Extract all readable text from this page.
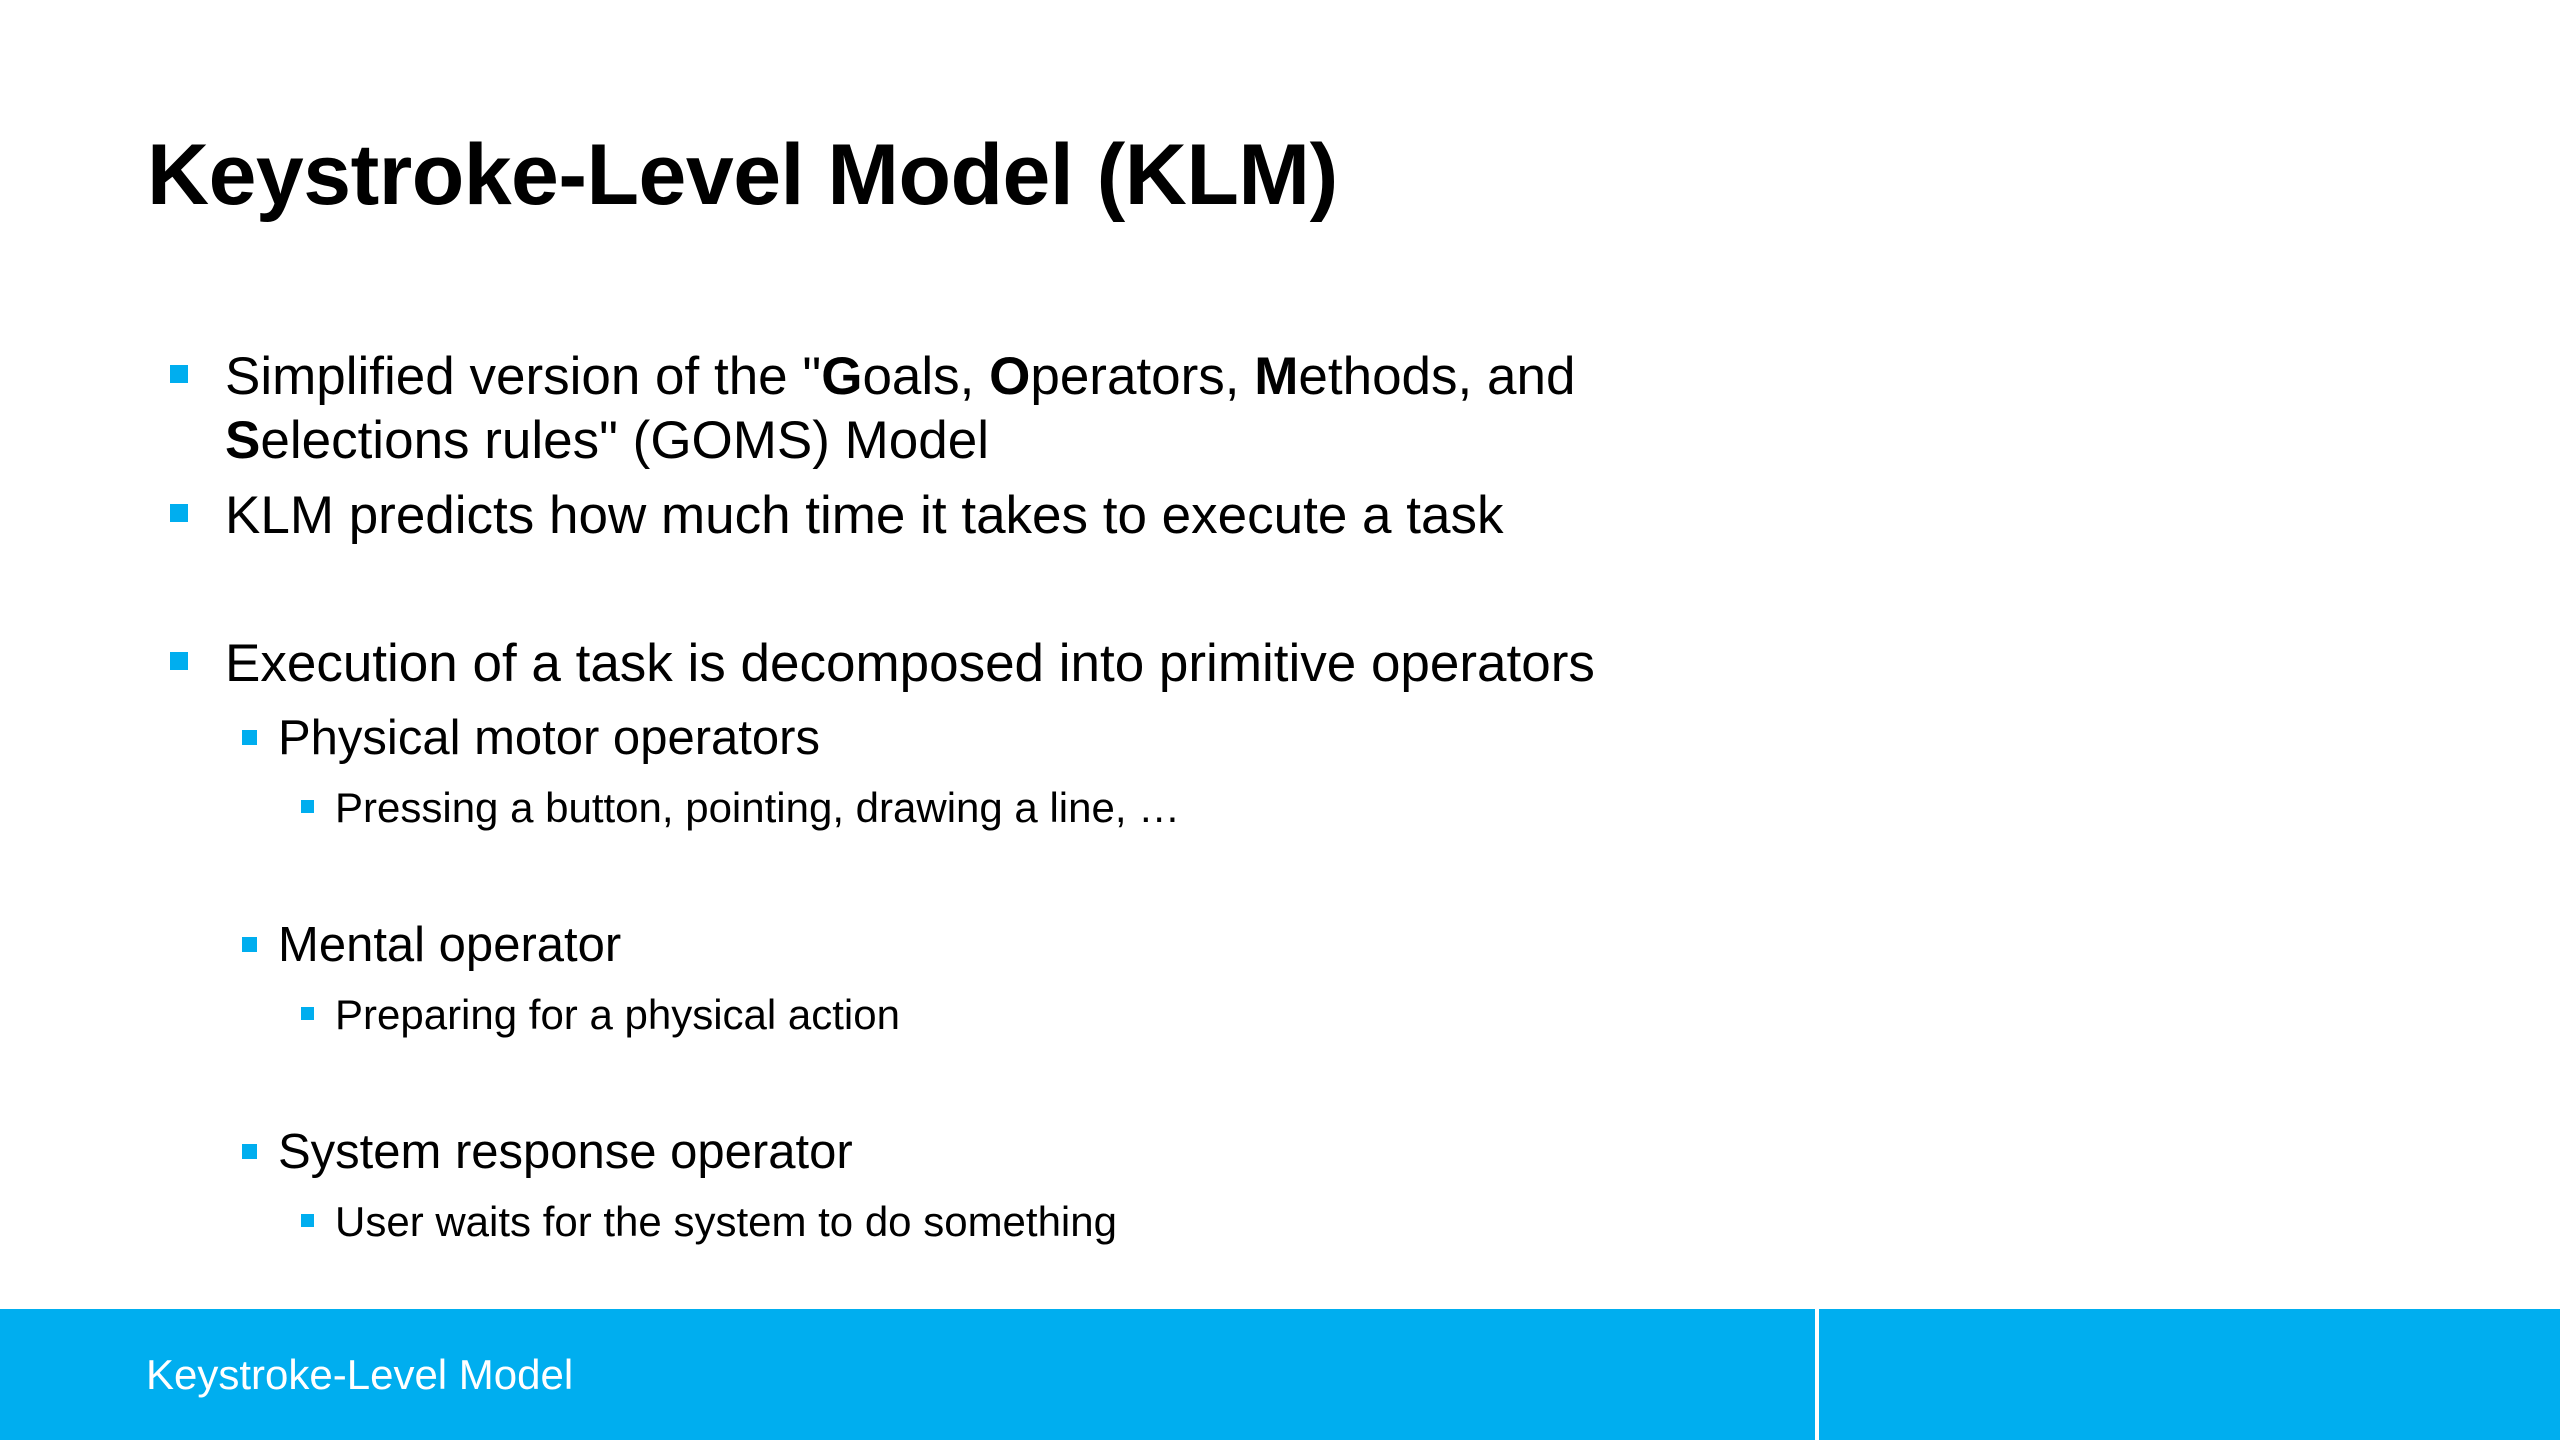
Keystroke-Level Model (KLM)
Simplified version of the "Goals, Operators, Methods, and
Selections rules" (GOMS) Model
KLM predicts how much time it takes to execute a task
Execution of a task is decomposed into primitive operators
Physical motor operators
Pressing a button, pointing, drawing a line, …
Mental operator
Preparing for a physical action
System response operator
User waits for the system to do something
Keystroke-Level Model
